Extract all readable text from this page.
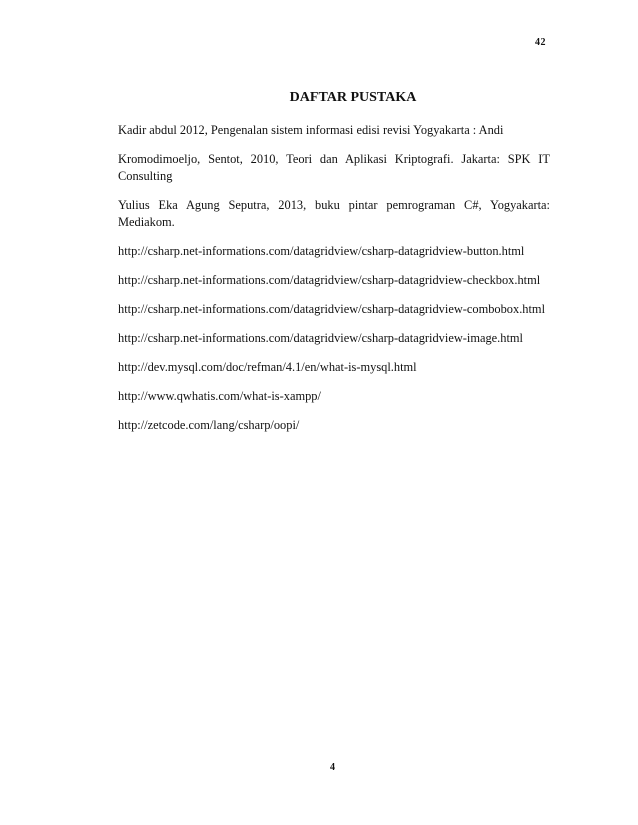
42
DAFTAR PUSTAKA

Kadir abdul 2012, Pengenalan sistem informasi edisi revisi Yogyakarta : Andi

Kromodimoeljo, Sentot, 2010, Teori dan Aplikasi Kriptografi. Jakarta: SPK IT Consulting

Yulius Eka Agung Seputra, 2013, buku pintar pemrograman C#, Yogyakarta: Mediakom.

http://csharp.net-informations.com/datagridview/csharp-datagridview-button.html

http://csharp.net-informations.com/datagridview/csharp-datagridview-checkbox.html

http://csharp.net-informations.com/datagridview/csharp-datagridview-combobox.html

http://csharp.net-informations.com/datagridview/csharp-datagridview-image.html

http://dev.mysql.com/doc/refman/4.1/en/what-is-mysql.html

http://www.qwhatis.com/what-is-xampp/

http://zetcode.com/lang/csharp/oopi/

4
